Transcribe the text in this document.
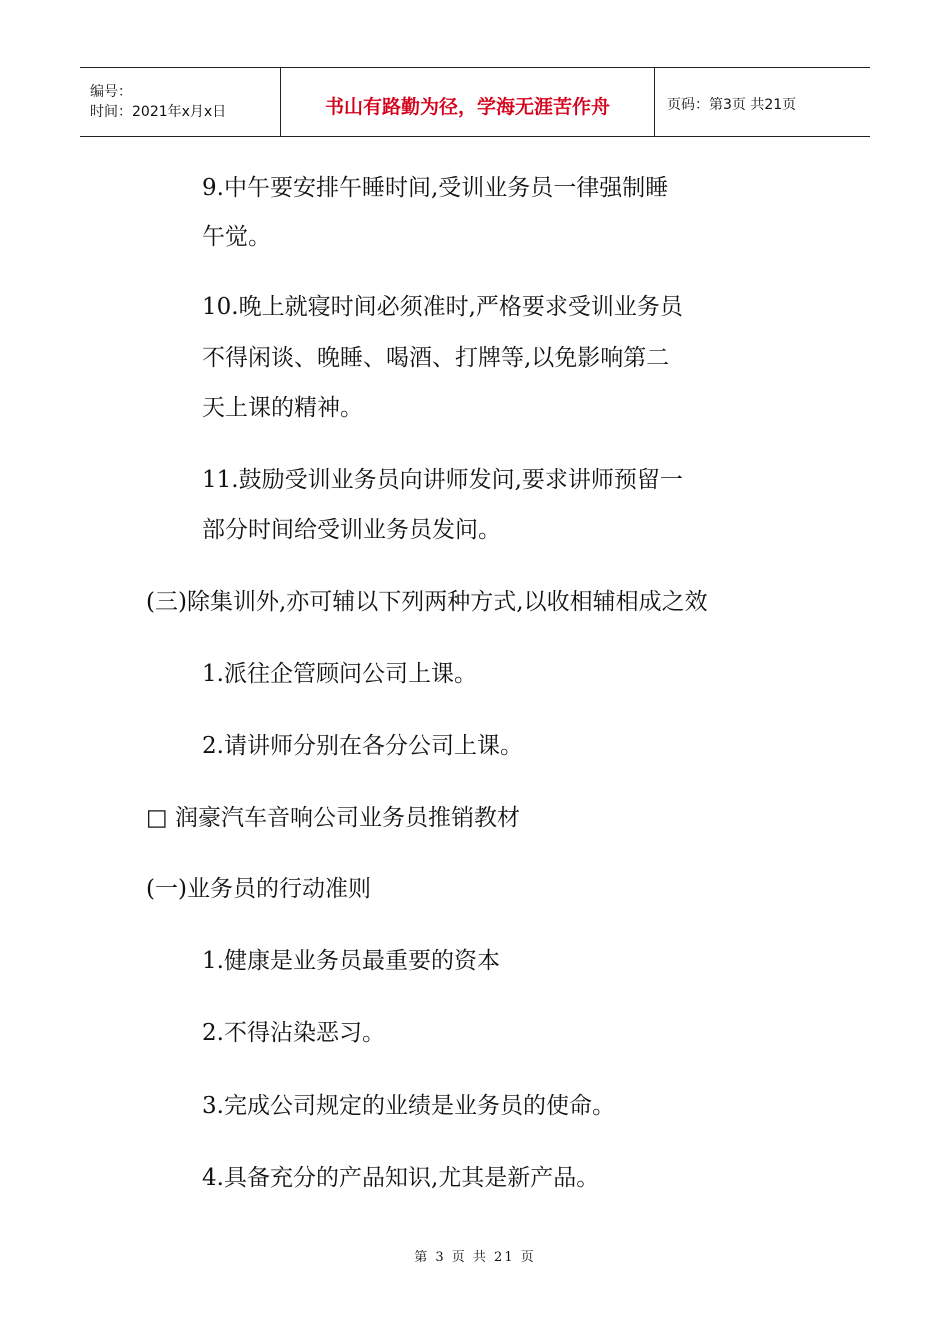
编号：
时间：2021年x月x日	书山有路勤为径，学海无涯苦作舟	页码：第3页 共21页
9.中午要安排午睡时间,受训业务员一律强制睡
午觉。
10.晚上就寝时间必须准时,严格要求受训业务员
不得闲谈、晚睡、喝酒、打牌等,以免影响第二
天上课的精神。
11.鼓励受训业务员向讲师发问,要求讲师预留一
部分时间给受训业务员发问。
(三)除集训外,亦可辅以下列两种方式,以收相辅相成之效
1.派往企管顾问公司上课。
2.请讲师分别在各分公司上课。
□ 润豪汽车音响公司业务员推销教材
(一)业务员的行动准则
1.健康是业务员最重要的资本
2.不得沾染恶习。
3.完成公司规定的业绩是业务员的使命。
4.具备充分的产品知识,尤其是新产品。
第 3 页 共 21 页
